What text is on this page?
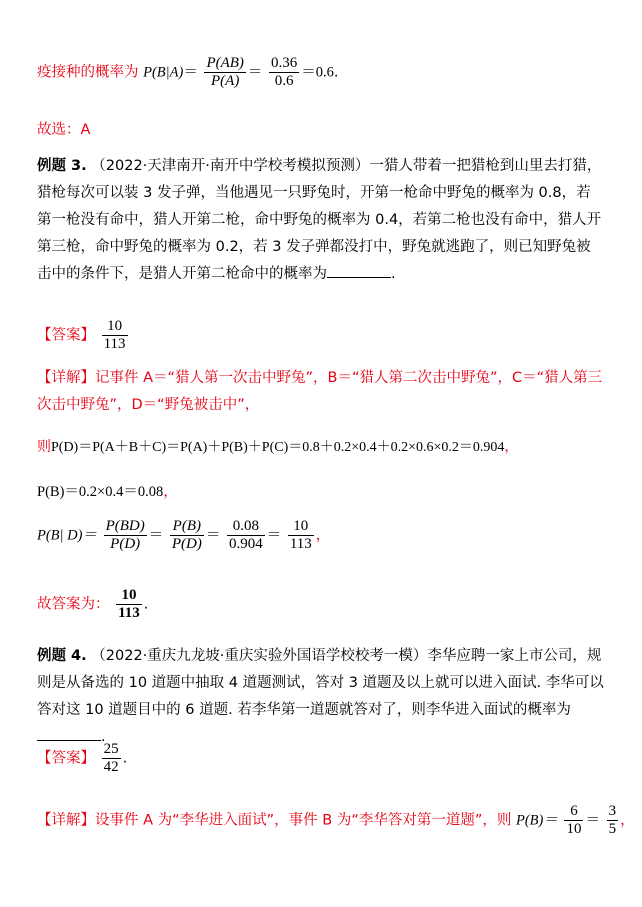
疫接种的概率为 $P(B|A)= \frac{P(AB)}{P(A)} = \frac{0.36}{0.6} =0.6$.
故选：A
例题 3. （2022·天津南开·南开中学校考模拟预测）一猎人带着一把猎枪到山里去打猎，猎枪每次可以装 3 发子弹，当他遇见一只野兔时，开第一枪命中野兔的概率为 0.8，若第一枪没有命中，猎人开第二枪，命中野兔的概率为 0.4，若第二枪也没有命中，猎人开第三枪，命中野兔的概率为 0.2，若 3 发子弹都没打中，野兔就逃跑了，则已知野兔被击中的条件下，是猎人开第二枪命中的概率为	.
【答案】 $\frac{10}{113}$
【详解】记事件 A＝“猎人第一次击中野兔”，B＝“猎人第二次击中野兔”，C＝“猎人第三次击中野兔”，D＝“野兔被击中”，
则P(D)＝P(A＋B＋C)＝P(A)＋P(B)＋P(C)＝0.8＋0.2×0.4＋0.2×0.6×0.2＝0.904，
P(B)＝0.2×0.4＝0.08，
P(B| $D)= \frac{P(BD)}{P(D)} = \frac{P(B)}{P(D)} = \frac{0.08}{0.904} = \frac{10}{113}$ ，
故答案为： $\frac{10}{113}$ .
例题 4. （2022·重庆九龙坡·重庆实验外国语学校校考一模）李华应聘一家上市公司，规则是从备选的 10 道题中抽取 4 道题测试，答对 3 道题及以上就可以进入面试. 李华可以答对这 10 道题目中的 6 道题. 若李华第一道题就答对了，则李华进入面试的概率为.
【答案】 $\frac{25}{42}$ .
【详解】设事件 A 为“李华进入面试”，事件 B 为“李华答对第一道题”，则 $P(B)= \frac{6}{10} = \frac{3}{5}$ ，
